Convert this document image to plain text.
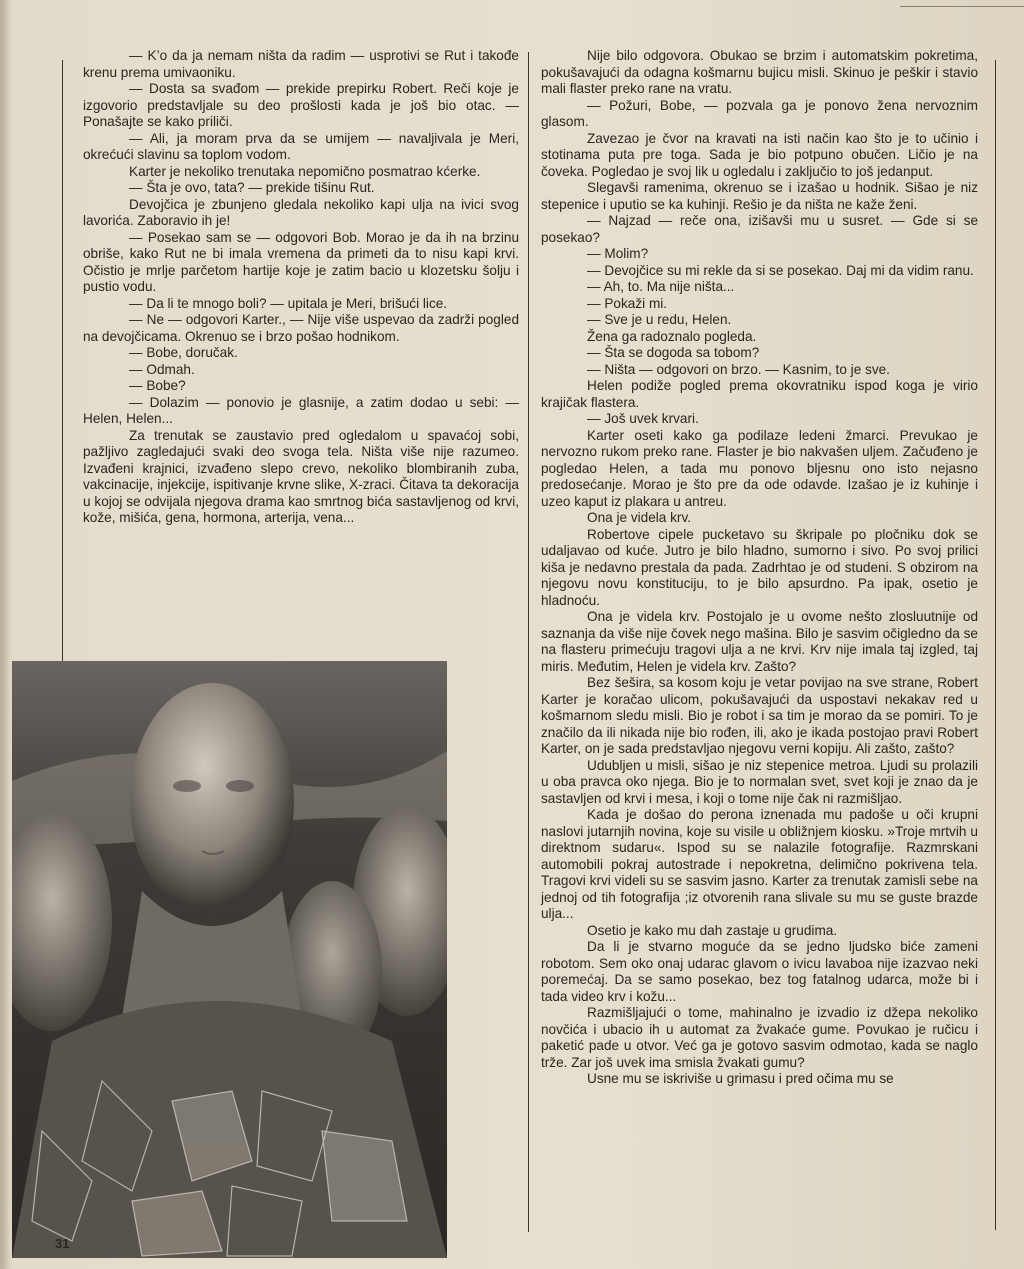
— K’o da ja nemam ništa da radim — usprotivi se Rut i takođe krenu prema umivaoniku.

— Dosta sa svađom — prekide prepirku Robert. Reči koje je izgovorio predstavljale su deo prošlosti kada je još bio otac. — Ponašajte se kako priliči.

— Ali, ja moram prva da se umijem — navaljivala je Meri, okrećući slavinu sa toplom vodom.

Karter je nekoliko trenutaka nepomično posmatrao kćerke.

— Šta je ovo, tata? — prekide tišinu Rut.

Devojčica je zbunjeno gledala nekoliko kapi ulja na ivici svog lavorića. Zaboravio ih je!

— Posekao sam se — odgovori Bob. Morao je da ih na brzinu obriše, kako Rut ne bi imala vremena da primeti da to nisu kapi krvi. Očistio je mrlje parčetom hartije koje je zatim bacio u klozetsku šolju i pustio vodu.

— Da li te mnogo boli? — upitala je Meri, brišući lice.

— Ne — odgovori Karter., — Nije više uspevao da zadrži pogled na devojčicama. Okrenuo se i brzo pošao hodnikom.

— Bobe, doručak.

— Odmah.

— Bobe?

— Dolazim — ponovio je glasnije, a zatim dodao u sebi: — Helen, Helen...

Za trenutak se zaustavio pred ogledalom u spavaćoj sobi, pažljivo zagledajući svaki deo svoga tela. Ništa više nije razumeo. Izvađeni krajnici, izvađeno slepo crevo, nekoliko blombiranih zuba, vakcinacije, injekcije, ispitivanje krvne slike, X-zraci. Čitava ta dekoracija u kojoj se odvijala njegova drama kao smrtnog bića sastavljenog od krvi, kože, mišića, gena, hormona, arterija, vena...

Nije bilo odgovora. Obukao se brzim i automatskim pokretima, pokušavajući da odagna košmarnu bujicu misli. Skinuo je peškir i stavio mali flaster preko rane na vratu.

— Požuri, Bobe, — pozvala ga je ponovo žena nervoznim glasom.

Zavezao je čvor na kravati na isti način kao što je to učinio i stotinama puta pre toga. Sada je bio potpuno obučen. Ličio je na čoveka. Pogledao je svoj lik u ogledalu i zaključio to još jedanput.

Slegavši ramenima, okrenuo se i izašao u hodnik. Sišao je niz stepenice i uputio se ka kuhinji. Rešio je da ništa ne kaže ženi.

— Najzad — reče ona, izišavši mu u susret. — Gde si se posekao?

— Molim?

— Devojčice su mi rekle da si se posekao. Daj mi da vidim ranu.

— Ah, to. Ma nije ništa...

— Pokaži mi.

— Sve je u redu, Helen.

Žena ga radoznalo pogleda.

— Šta se dogodа sa tobom?

— Ništa — odgovori on brzo. — Kasnim, to je sve.

Helen podiže pogled prema okovratniku ispod koga je virio krajičak flastera.

— Još uvek krvari.

Karter oseti kako ga podilaze ledeni žmarci. Prevukao je nervozno rukom preko rane. Flaster je bio nakvašen uljem. Začuđeno je pogledao Helen, a tada mu ponovo bljesnu ono isto nejasno predosećanje. Morao je što pre da ode odavde. Izašao je iz kuhinje i uzeo kaput iz plakara u antreu.

Ona je videla krv.

Robertove cipele pucketavo su škripale po pločniku dok se udaljavao od kuće. Jutro je bilo hladno, sumorno i sivo. Po svoj prilici kiša je nedavno prestala da pada. Zadrhtao je od studeni. S obzirom na njegovu novu konstituciju, to je bilo apsurdno. Pa ipak, osetio je hladnoću.

Ona je videla krv. Postojalo je u ovome nešto zlosluutnije od saznanja da više nije čovek nego mašina. Bilo je sasvim očigledno da se na flasteru primećuju tragovi ulja a ne krvi. Krv nije imala taj izgled, taj miris. Međutim, Helen je videla krv. Zašto?

Bez šešira, sa kosom koju je vetar povijao na sve strane, Robert Karter je koračao ulicom, pokušavajući da uspostavi nekakav red u košmarnom sledu misli. Bio je robot i sa tim je morao da se pomiri. To je značilo da ili nikada nije bio rođen, ili, ako je ikada postojao pravi Robert Karter, on je sada predstavljao njegovu verni kopiju. Ali zašto, zašto?

Udubljen u misli, sišao je niz stepenice metroa. Ljudi su prolazili u oba pravca oko njega. Bio je to normalan svet, svet koji je znao da je sastavljen od krvi i mesa, i koji o tome nije čak ni razmišljao.

Kada je došao do perona iznenada mu padoše u oči krupni naslovi jutarnjih novina, koje su visile u obližnjem kiosku. »Troje mrtvih u direktnom sudaru«. Ispod su se nalazile fotografije. Razmrskani automobili pokraj autostrade i nepokretna, delimično pokrivena tela. Tragovi krvi videli su se sasvim jasno. Karter za trenutak zamisli sebe na jednoj od tih fotografija ;iz otvorenih rana slivale su mu se guste brazde ulja...

Osetio je kako mu dah zastaje u grudima.

Da li je stvarno moguće da se jedno ljudsko biće zameni robotom. Sem oko onaj udarac glavom o ivicu lavaboa nije izazvao neki poremećaj. Da se samo posekao, bez tog fatalnog udarca, može bi i tada video krv i kožu...

Razmišljajući o tome, mahinalno je izvadio iz džepa nekoliko novčića i ubacio ih u automat za žvakaće gume. Povukao je ručicu i paketić pade u otvor. Već ga je gotovo sasvim odmotao, kada se naglo trže. Zar još uvek ima smisla žvakati gumu?

Usne mu se iskriviše u grimasu i pred očima mu se

31
